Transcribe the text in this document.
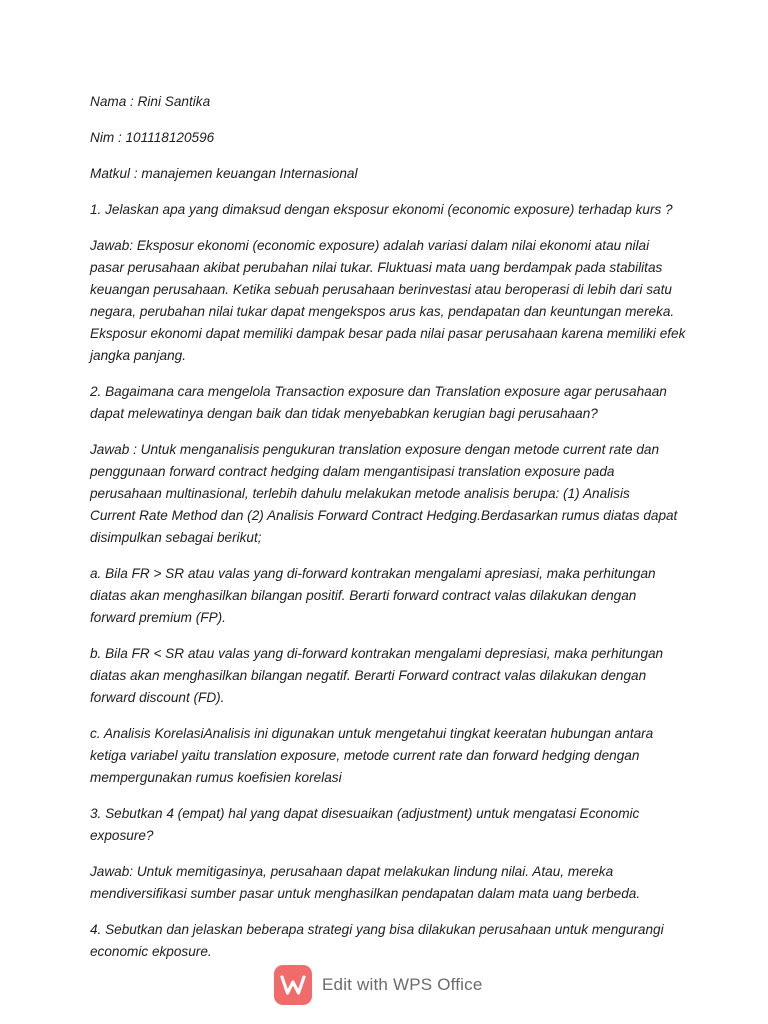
Nama : Rini Santika

Nim : 101118120596

Matkul : manajemen keuangan Internasional

1. Jelaskan apa yang dimaksud dengan eksposur ekonomi (economic exposure) terhadap kurs ?

Jawab: Eksposur ekonomi (economic exposure) adalah variasi dalam nilai ekonomi atau nilai
pasar perusahaan akibat perubahan nilai tukar. Fluktuasi mata uang berdampak pada stabilitas
keuangan perusahaan. Ketika sebuah perusahaan berinvestasi atau beroperasi di lebih dari satu
negara, perubahan nilai tukar dapat mengekspos arus kas, pendapatan dan keuntungan mereka.
Eksposur ekonomi dapat memiliki dampak besar pada nilai pasar perusahaan karena memiliki efek
jangka panjang.

2. Bagaimana cara mengelola Transaction exposure dan Translation exposure agar perusahaan
dapat melewatinya dengan baik dan tidak menyebabkan kerugian bagi perusahaan?

Jawab : Untuk menganalisis pengukuran translation exposure dengan metode current rate dan
penggunaan forward contract hedging dalam mengantisipasi translation exposure pada
perusahaan multinasional, terlebih dahulu melakukan metode analisis berupa: (1) Analisis
Current Rate Method dan (2) Analisis Forward Contract Hedging.Berdasarkan rumus diatas dapat
disimpulkan sebagai berikut;

a. Bila FR > SR atau valas yang di-forward kontrakan mengalami apresiasi, maka perhitungan
diatas akan menghasilkan bilangan positif. Berarti forward contract valas dilakukan dengan
forward premium (FP).

b. Bila FR < SR atau valas yang di-forward kontrakan mengalami depresiasi, maka perhitungan
diatas akan menghasilkan bilangan negatif. Berarti Forward contract valas dilakukan dengan
forward discount (FD).

c. Analisis KorelasiAnalisis ini digunakan untuk mengetahui tingkat keeratan hubungan antara
ketiga variabel yaitu translation exposure, metode current rate dan forward hedging dengan
mempergunakan rumus koefisien korelasi

3. Sebutkan 4 (empat) hal yang dapat disesuaikan (adjustment) untuk mengatasi Economic
exposure?

Jawab: Untuk memitigasinya, perusahaan dapat melakukan lindung nilai. Atau, mereka
mendiversifikasi sumber pasar untuk menghasilkan pendapatan dalam mata uang berbeda.

4. Sebutkan dan jelaskan beberapa strategi yang bisa dilakukan perusahaan untuk mengurangi
economic ekposure.

Edit with WPS Office
